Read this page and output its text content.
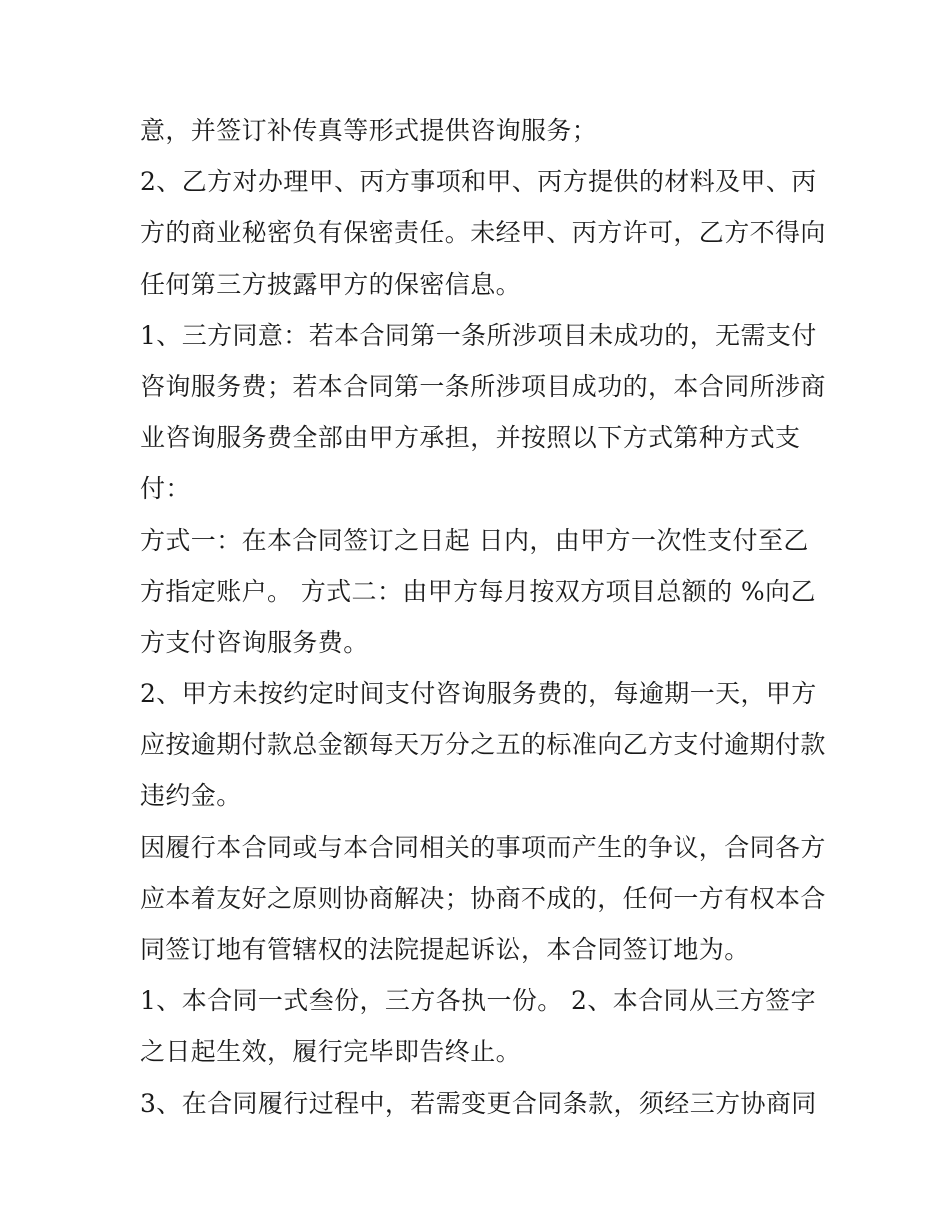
意，并签订补传真等形式提供咨询服务；
2、乙方对办理甲、丙方事项和甲、丙方提供的材料及甲、丙
方的商业秘密负有保密责任。未经甲、丙方许可，乙方不得向
任何第三方披露甲方的保密信息。
1、三方同意：若本合同第一条所涉项目未成功的，无需支付
咨询服务费；若本合同第一条所涉项目成功的，本合同所涉商
业咨询服务费全部由甲方承担，并按照以下方式第种方式支
付：
方式一：在本合同签订之日起 日内，由甲方一次性支付至乙
方指定账户。 方式二：由甲方每月按双方项目总额的 %向乙
方支付咨询服务费。
2、甲方未按约定时间支付咨询服务费的，每逾期一天，甲方
应按逾期付款总金额每天万分之五的标准向乙方支付逾期付款
违约金。
因履行本合同或与本合同相关的事项而产生的争议，合同各方
应本着友好之原则协商解决；协商不成的，任何一方有权本合
同签订地有管辖权的法院提起诉讼，本合同签订地为。
1、本合同一式叁份，三方各执一份。 2、本合同从三方签字
之日起生效，履行完毕即告终止。
3、在合同履行过程中，若需变更合同条款，须经三方协商同
